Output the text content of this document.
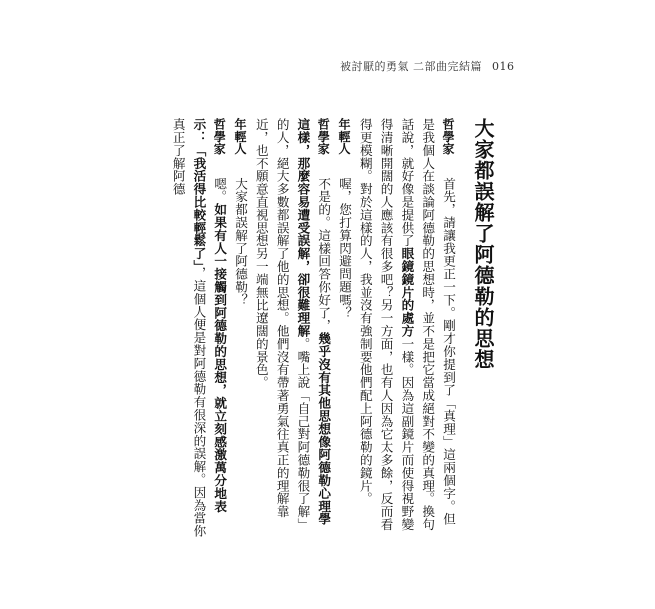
被討厭的勇氣 二部曲完結篇 016

大家都誤解了阿德勒的思想

哲學家　首先，請讓我更正一下。剛才你提到了「真理」這兩個字。但是我個人在談論阿德勒的思想時，並不是把它當成絕對不變的真理。換句話說，就好像是提供了眼鏡鏡片的處方一樣。因為這副鏡片而使得視野變得清晰開闊的人應該有很多吧？另一方面，也有人因為它太多餘，反而看得更模糊。對於這樣的人，我並沒有強制要他們配上阿德勒的鏡片。

年輕人　喔，您打算閃避問題嗎？

哲學家　不是的。這樣回答你好了，幾乎沒有其他思想像阿德勒心理學這樣，那麼容易遭受誤解，卻很難理解。嘴上說「自己對阿德勒很了解」的人，絕大多數都誤解了他的思想。他們沒有帶著勇氣往真正的理解靠近，也不願意直視思想另一端無比遼闊的景色。

年輕人　大家都誤解了阿德勒？

哲學家　嗯。如果有人一接觸到阿德勒的思想，就立刻感激萬分地表示：「我活得比較輕鬆了」，這個人便是對阿德勒有很深的誤解。因為當你真正了解阿德
